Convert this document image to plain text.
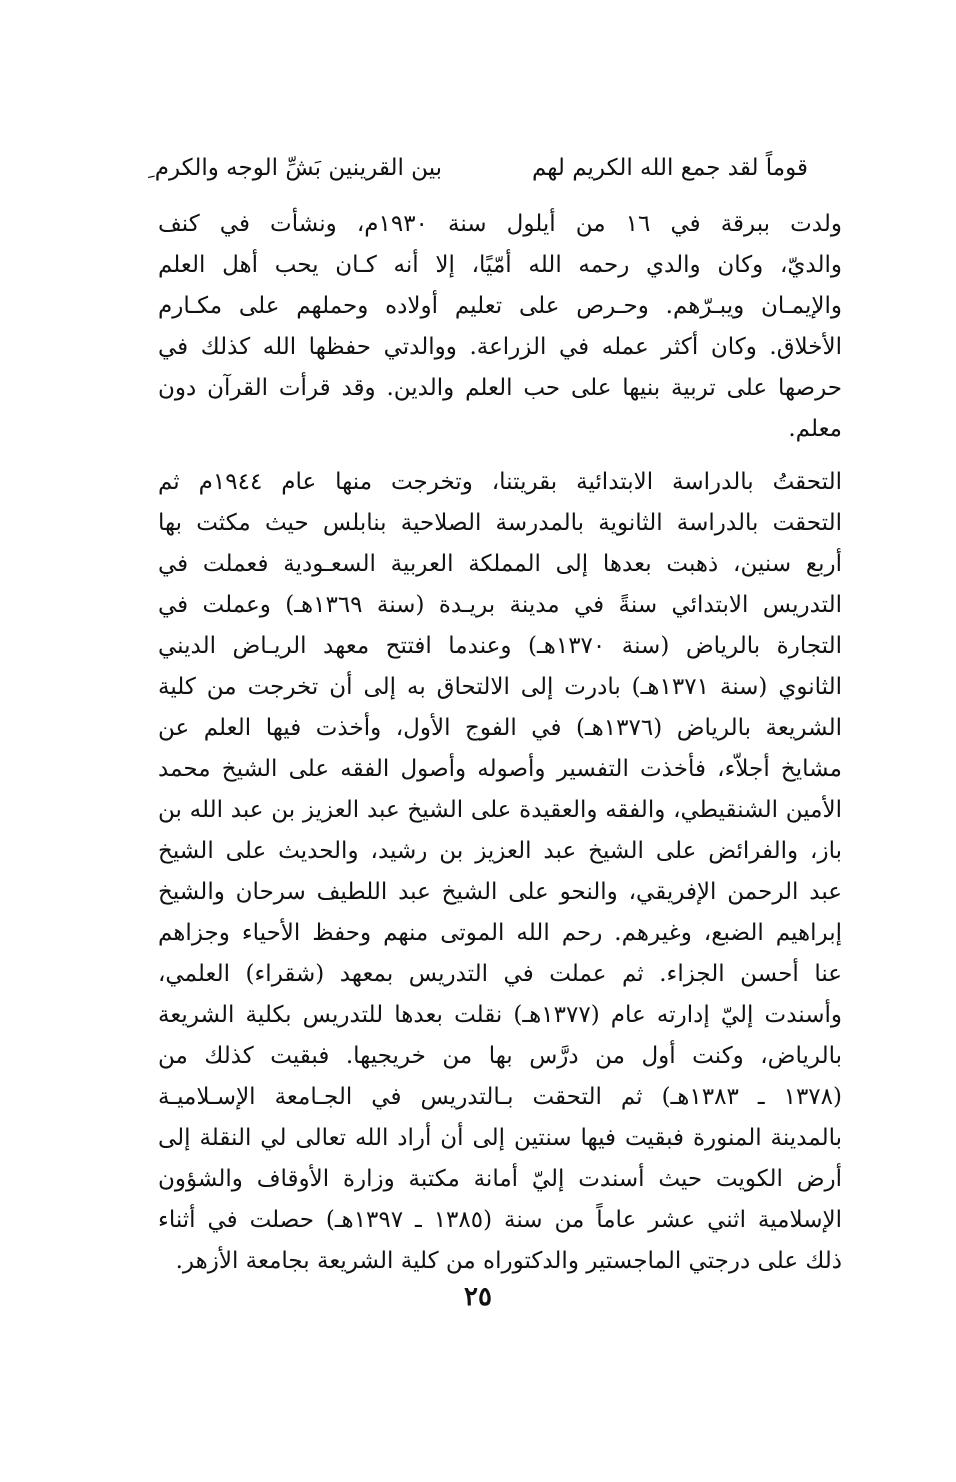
قوماً لقد جمع الله الكريم لهم
بين القرينين بَشِّ الوجه والكرم ِ
ولدت ببرقة في ١٦ من أيلول سنة ١٩٣٠م، ونشأت في كنف
والديّ، وكان والدي رحمه الله أمّيًا، إلا أنه كـان يحب أهل العلم
والإيمـان ويبـرّهم. وحـرص على تعليم أولاده وحملهم على مكـارم
الأخلاق. وكان أكثر عمله في الزراعة. ووالدتي حفظها الله كذلك في
حرصها على تربية بنيها على حب العلم والدين. وقد قرأت القرآن دون
معلم.
التحقتُ بالدراسة الابتدائية بقريتنا، وتخرجت منها عام ١٩٤٤م ثم
التحقت بالدراسة الثانوية بالمدرسة الصلاحية بنابلس حيث مكثت بها
أربع سنين، ذهبت بعدها إلى المملكة العربية السعـودية فعملت في
التدريس الابتدائي سنةً في مدينة بريـدة (سنة ١٣٦٩هـ) وعملت في
التجارة بالرياض (سنة ١٣٧٠هـ) وعندما افتتح معهد الريـاض الديني
الثانوي (سنة ١٣٧١هـ) بادرت إلى الالتحاق به إلى أن تخرجت من كلية
الشريعة بالرياض (١٣٧٦هـ) في الفوج الأول، وأخذت فيها العلم عن
مشايخ أجلاّء، فأخذت التفسير وأصوله وأصول الفقه على الشيخ محمد
الأمين الشنقيطي، والفقه والعقيدة على الشيخ عبد العزيز بن عبد الله بن
باز، والفرائض على الشيخ عبد العزيز بن رشيد، والحديث على الشيخ
عبد الرحمن الإفريقي، والنحو على الشيخ عبد اللطيف سرحان والشيخ
إبراهيم الضبع، وغيرهم. رحم الله الموتى منهم وحفظ الأحياء وجزاهم
عنا أحسن الجزاء. ثم عملت في التدريس بمعهد (شقراء) العلمي،
وأسندت إليّ إدارته عام (١٣٧٧هـ) نقلت بعدها للتدريس بكلية الشريعة
بالرياض، وكنت أول من درَّس بها من خريجيها. فبقيت كذلك من
(١٣٧٨ ـ ١٣٨٣هـ) ثم التحقت بـالتدريس في الجـامعة الإسـلاميـة
بالمدينة المنورة فبقيت فيها سنتين إلى أن أراد الله تعالى لي النقلة إلى
أرض الكويت حيث أسندت إليّ أمانة مكتبة وزارة الأوقاف والشؤون
الإسلامية اثني عشر عاماً من سنة (١٣٨٥ ـ ١٣٩٧هـ) حصلت في أثناء
ذلك على درجتي الماجستير والدكتوراه من كلية الشريعة بجامعة الأزهر.
٢٥
